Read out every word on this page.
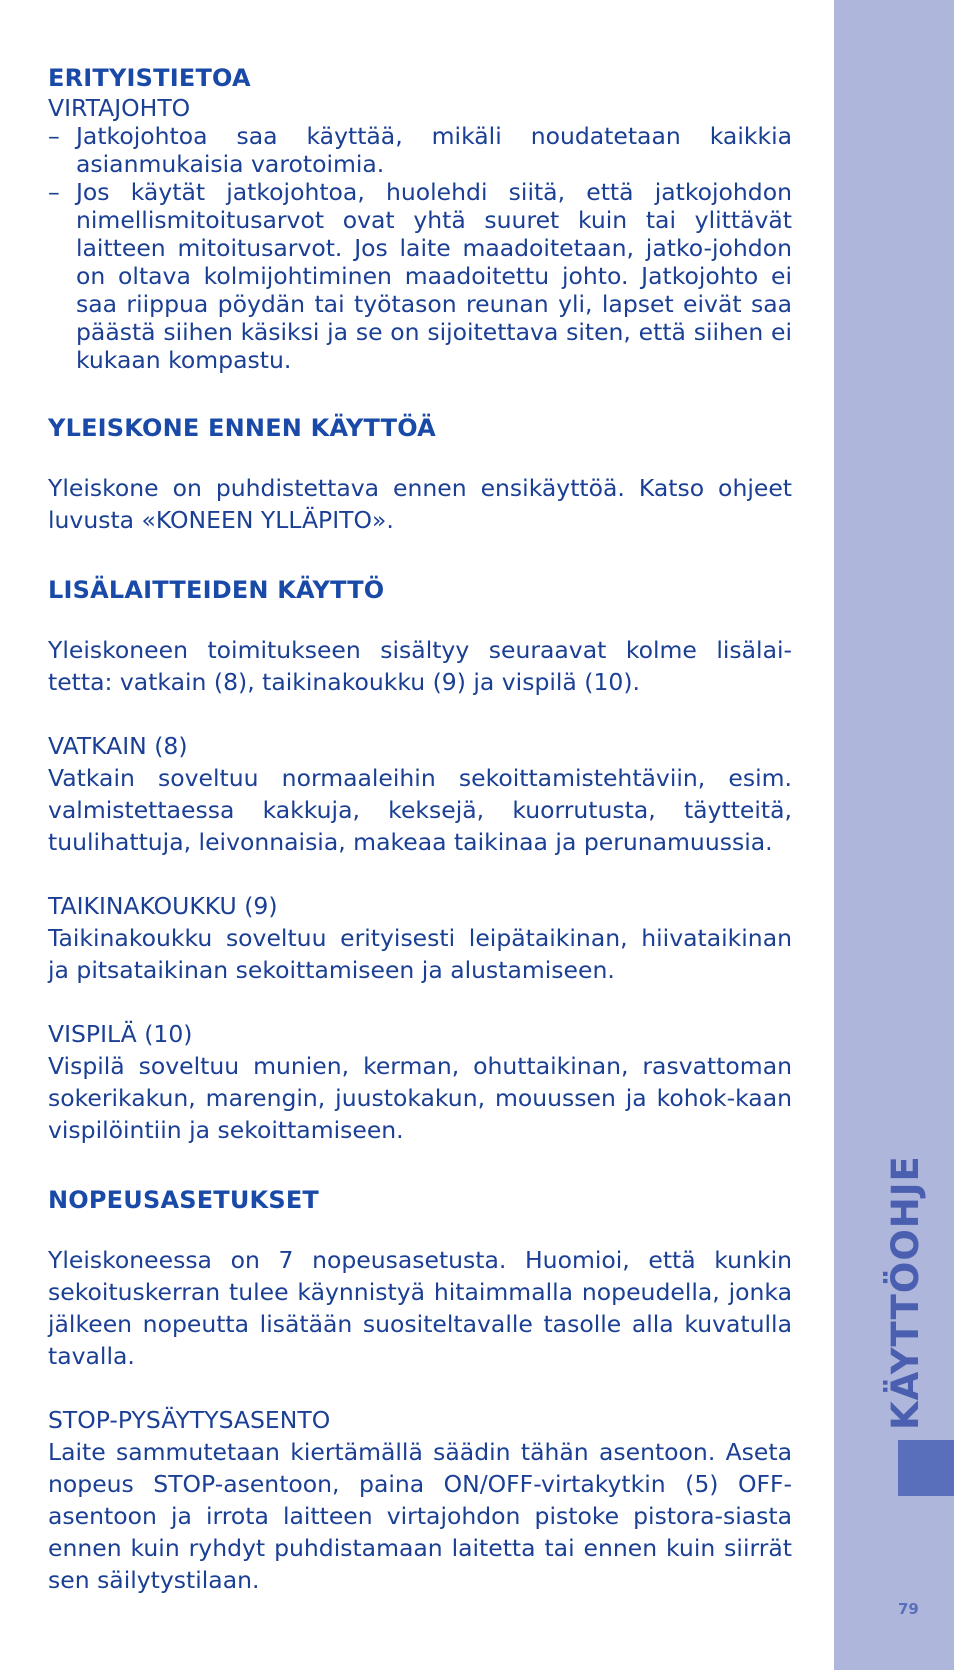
ERITYISTIETOA

VIRTAJOHTO

– Jatkojohtoa saa käyttää, mikäli noudatetaan kaikkia asianmukaisia varotoimia.
– Jos käytät jatkojohtoa, huolehdi siitä, että jatkojohdon nimellismitoitusarvot ovat yhtä suuret kuin tai ylittävät laitteen mitoitusarvot. Jos laite maadoitetaan, jatko-johdon on oltava kolmijohtiminen maadoitettu johto. Jatkojohto ei saa riippua pöydän tai työtason reunan yli, lapset eivät saa päästä siihen käsiksi ja se on sijoitettava siten, että siihen ei kukaan kompastu.
YLEISKONE ENNEN KÄYTTÖÄ

Yleiskone on puhdistettava ennen ensikäyttöä. Katso ohjeet luvusta «KONEEN YLLÄPITO».

LISÄLAITTEIDEN KÄYTTÖ

Yleiskoneen toimitukseen sisältyy seuraavat kolme lisälai-tetta: vatkain (8), taikinakoukku (9) ja vispilä (10).

VATKAIN (8)

Vatkain soveltuu normaaleihin sekoittamistehtäviin, esim. valmistettaessa kakkuja, keksejä, kuorrutusta, täytteitä, tuulihattuja, leivonnaisia, makeaa taikinaa ja perunamuussia.

TAIKINAKOUKKU (9)

Taikinakoukku soveltuu erityisesti leipätaikinan, hiivataikinan ja pitsataikinan sekoittamiseen ja alustamiseen.

VISPILÄ (10)

Vispilä soveltuu munien, kerman, ohuttaikinan, rasvattoman sokerikakun, marengin, juustokakun, mouussen ja kohok-kaan vispilöintiin ja sekoittamiseen.

NOPEUSASETUKSET

Yleiskoneessa on 7 nopeusasetusta. Huomioi, että kunkin sekoituskerran tulee käynnistyä hitaimmalla nopeudella, jonka jälkeen nopeutta lisätään suositeltavalle tasolle alla kuvatulla tavalla.

STOP-PYSÄYTYSASENTO

Laite sammutetaan kiertämällä säädin tähän asentoon. Aseta nopeus STOP-asentoon, paina ON/OFF-virtakytkin (5) OFF-asentoon ja irrota laitteen virtajohdon pistoke pistora-siasta ennen kuin ryhdyt puhdistamaan laitetta tai ennen kuin siirrät sen säilytystilaan.

KÄYTTÖOHJE
79
